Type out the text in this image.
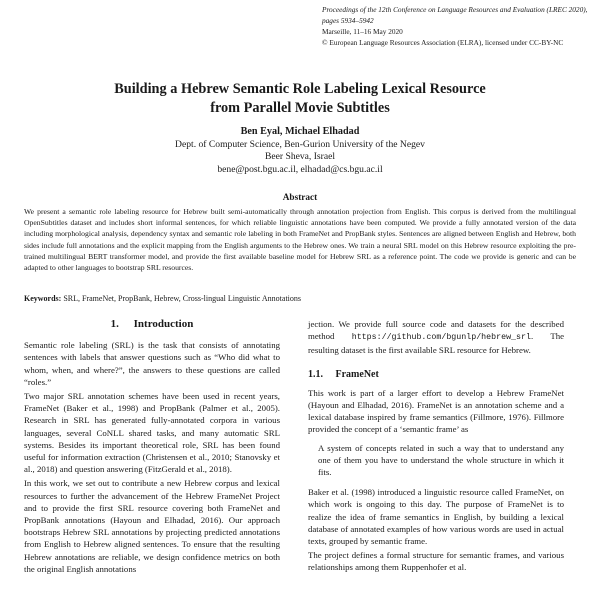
Proceedings of the 12th Conference on Language Resources and Evaluation (LREC 2020), pages 5934–5942
Marseille, 11–16 May 2020
© European Language Resources Association (ELRA), licensed under CC-BY-NC
Building a Hebrew Semantic Role Labeling Lexical Resource
from Parallel Movie Subtitles
Ben Eyal, Michael Elhadad
Dept. of Computer Science, Ben-Gurion University of the Negev
Beer Sheva, Israel
bene@post.bgu.ac.il, elhadad@cs.bgu.ac.il
Abstract
We present a semantic role labeling resource for Hebrew built semi-automatically through annotation projection from English. This corpus is derived from the multilingual OpenSubtitles dataset and includes short informal sentences, for which reliable linguistic annotations have been computed. We provide a fully annotated version of the data including morphological analysis, dependency syntax and semantic role labeling in both FrameNet and PropBank styles. Sentences are aligned between English and Hebrew, both sides include full annotations and the explicit mapping from the English arguments to the Hebrew ones. We train a neural SRL model on this Hebrew resource exploiting the pre-trained multilingual BERT transformer model, and provide the first available baseline model for Hebrew SRL as a reference point. The code we provide is generic and can be adapted to other languages to bootstrap SRL resources.
Keywords: SRL, FrameNet, PropBank, Hebrew, Cross-lingual Linguistic Annotations
1. Introduction

Semantic role labeling (SRL) is the task that consists of annotating sentences with labels that answer questions such as “Who did what to whom, when, and where?”, the answers to these questions are called “roles.”

Two major SRL annotation schemes have been used in recent years, FrameNet (Baker et al., 1998) and PropBank (Palmer et al., 2005). Research in SRL has generated fully-annotated corpora in various languages, several CoNLL shared tasks, and many automatic SRL systems. Besides its important theoretical role, SRL has been found useful for information extraction (Christensen et al., 2010; Stanovsky et al., 2018) and question answering (FitzGerald et al., 2018).

In this work, we set out to contribute a new Hebrew corpus and lexical resources to further the advancement of the Hebrew FrameNet Project and to provide the first SRL resource covering both FrameNet and PropBank annotations (Hayoun and Elhadad, 2016). Our approach bootstraps Hebrew SRL annotations by projecting predicted annotations from English to Hebrew aligned sentences. To ensure that the resulting Hebrew annotations are reliable, we design confidence metrics on both the original English annotations

jection. We provide full source code and datasets for the described method https://github.com/bgunlp/hebrew_srl. The resulting dataset is the first available SRL resource for Hebrew.

1.1. FrameNet

This work is part of a larger effort to develop a Hebrew FrameNet (Hayoun and Elhadad, 2016). FrameNet is an annotation scheme and a lexical database inspired by frame semantics (Fillmore, 1976). Fillmore provided the concept of a ‘semantic frame’ as

A system of concepts related in such a way that to understand any one of them you have to understand the whole structure in which it fits.

Baker et al. (1998) introduced a linguistic resource called FrameNet, on which work is ongoing to this day. The purpose of FrameNet is to realize the idea of frame semantics in English, by building a lexical database of annotated examples of how various words are used in actual texts, grouped by semantic frame.

The project defines a formal structure for semantic frames, and various relationships among them Ruppenhofer et al.
